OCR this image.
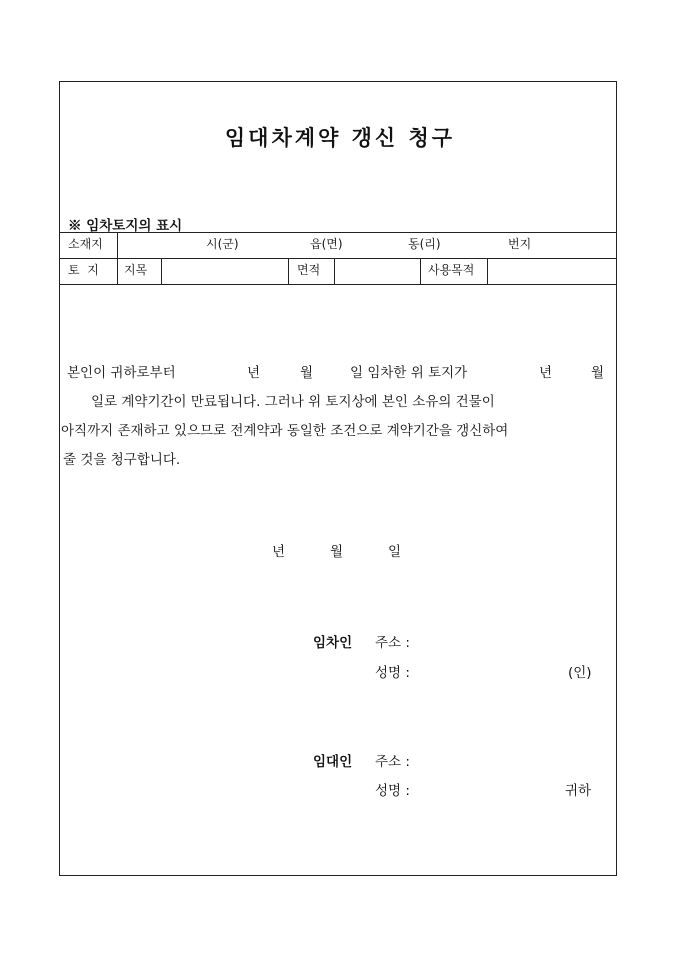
임대차계약 갱신 청구
※ 임차토지의 표시
소재지	시(군)	읍(면)	동(리)	번지
토  지 지목	면적	사용목적
본인이 귀하로부터	년	월	일 임차한 위 토지가	년	월
일로 계약기간이 만료됩니다. 그러나 위 토지상에 본인 소유의 건물이
아직까지 존재하고 있으므로 전계약과 동일한 조건으로 계약기간을 갱신하여
줄 것을 청구합니다.
년	월	일
임차인 주소 :
성명 :	(인)
임대인 주소 :
성명 :	귀하
